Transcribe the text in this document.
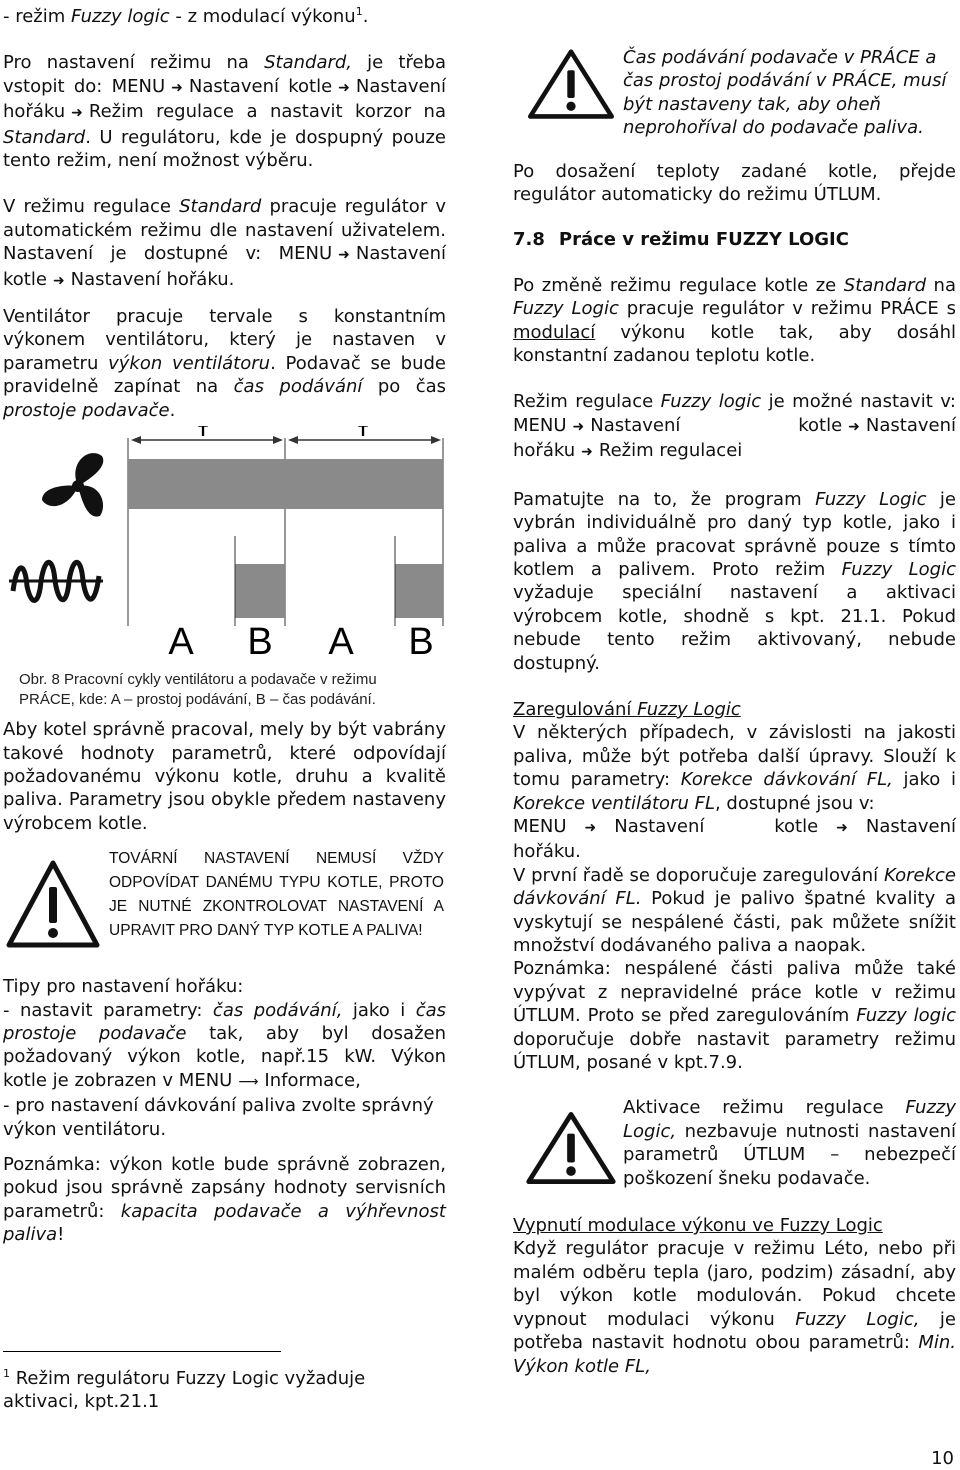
- režim Fuzzy logic - z modulací výkonu$^1$.

Pro nastavení režimu na Standard, je třeba vstopit do: MENU ➜ Nastavení kotle ➜ Nastavení hořáku ➜ Režim regulace a nastavit korzor na Standard. U regulátoru, kde je dospupný pouze tento režim, není možnost výběru.

V režimu regulace Standard pracuje regulátor v automatickém režimu dle nastavení uživatelem. Nastavení je dostupné v: MENU ➜ Nastavení kotle ➜ Nastavení hořáku.

Ventilátor pracuje tervale s konstantním výkonem ventilátoru, který je nastaven v parametru výkon ventilátoru. Podavač se bude pravidelně zapínat na čas podávání po čas prostoje podavače.

T	T
A B A B
Obr. 8 Pracovní cykly ventilátoru a podavače v režimu
PRÁCE, kde: A – prostoj podávání, B – čas podávání.

Aby kotel správně pracoval, mely by být vabrány takové hodnoty parametrů, které odpovídají požadovanému výkonu kotle, druhu a kvalitě paliva. Parametry jsou obykle předem nastaveny výrobcem kotle.

TOVÁRNÍ NASTAVENÍ NEMUSÍ VŽDY ODPOVÍDAT DANÉMU TYPU KOTLE, PROTO JE NUTNÉ ZKONTROLOVAT NASTAVENÍ A UPRAVIT PRO DANÝ TYP KOTLE A PALIVA!

Tipy pro nastavení hořáku:

- nastavit parametry: čas podávání, jako i čas prostoje podavače tak, aby byl dosažen požadovaný výkon kotle, např.15 kW. Výkon kotle je zobrazen v MENU ⟶ Informace,

- pro nastavení dávkování paliva zvolte správný výkon ventilátoru.

Poznámka: výkon kotle bude správně zobrazen, pokud jsou správně zapsány hodnoty servisních parametrů: kapacita podavače a výhřevnost paliva!

$^1$ Režim regulátoru Fuzzy Logic vyžaduje aktivaci, kpt.21.1

Čas podávání podavače v PRÁCE a čas prostoj podávání v PRÁCE, musí být nastaveny tak, aby oheň neprohoříval do podavače paliva.

Po dosažení teploty zadané kotle, přejde regulátor automaticky do režimu ÚTLUM.

7.8 Práce v režimu FUZZY LOGIC

Po změně režimu regulace kotle ze Standard na Fuzzy Logic pracuje regulátor v režimu PRÁCE s modulací výkonu kotle tak, aby dosáhl konstantní zadanou teplotu kotle.

Režim regulace Fuzzy logic je možné nastavit v: MENU ➜ Nastavení kotle ➜ Nastavení hořáku ➜ Režim regulacei

Pamatujte na to, že program Fuzzy Logic je vybrán individuálně pro daný typ kotle, jako i paliva a může pracovat správně pouze s tímto kotlem a palivem. Proto režim Fuzzy Logic vyžaduje speciální nastavení a aktivaci výrobcem kotle, shodně s kpt. 21.1. Pokud nebude tento režim aktivovaný, nebude dostupný.

Zaregulování Fuzzy Logic

V některých případech, v závislosti na jakosti paliva, může být potřeba další úpravy. Slouží k tomu parametry: Korekce dávkování FL, jako i Korekce ventilátoru FL, dostupné jsou v:

MENU ➜ Nastavení kotle ➜ Nastavení hořáku.

V první řadě se doporučuje zaregulování Korekce dávkování FL. Pokud je palivo špatné kvality a vyskytují se nespálené části, pak můžete snížit množství dodávaného paliva a naopak.

Poznámka: nespálené části paliva může také vypývat z nepravidelné práce kotle v režimu ÚTLUM. Proto se před zaregulováním Fuzzy logic doporučuje dobře nastavit parametry režimu ÚTLUM, posané v kpt.7.9.

Aktivace režimu regulace Fuzzy Logic, nezbavuje nutnosti nastavení parametrů ÚTLUM – nebezpečí poškození šneku podavače.

Vypnutí modulace výkonu ve Fuzzy Logic

Když regulátor pracuje v režimu Léto, nebo při malém odběru tepla (jaro, podzim) zásadní, aby byl výkon kotle modulován. Pokud chcete vypnout modulaci výkonu Fuzzy Logic, je potřeba nastavit hodnotu obou parametrů: Min. Výkon kotle FL,

10
